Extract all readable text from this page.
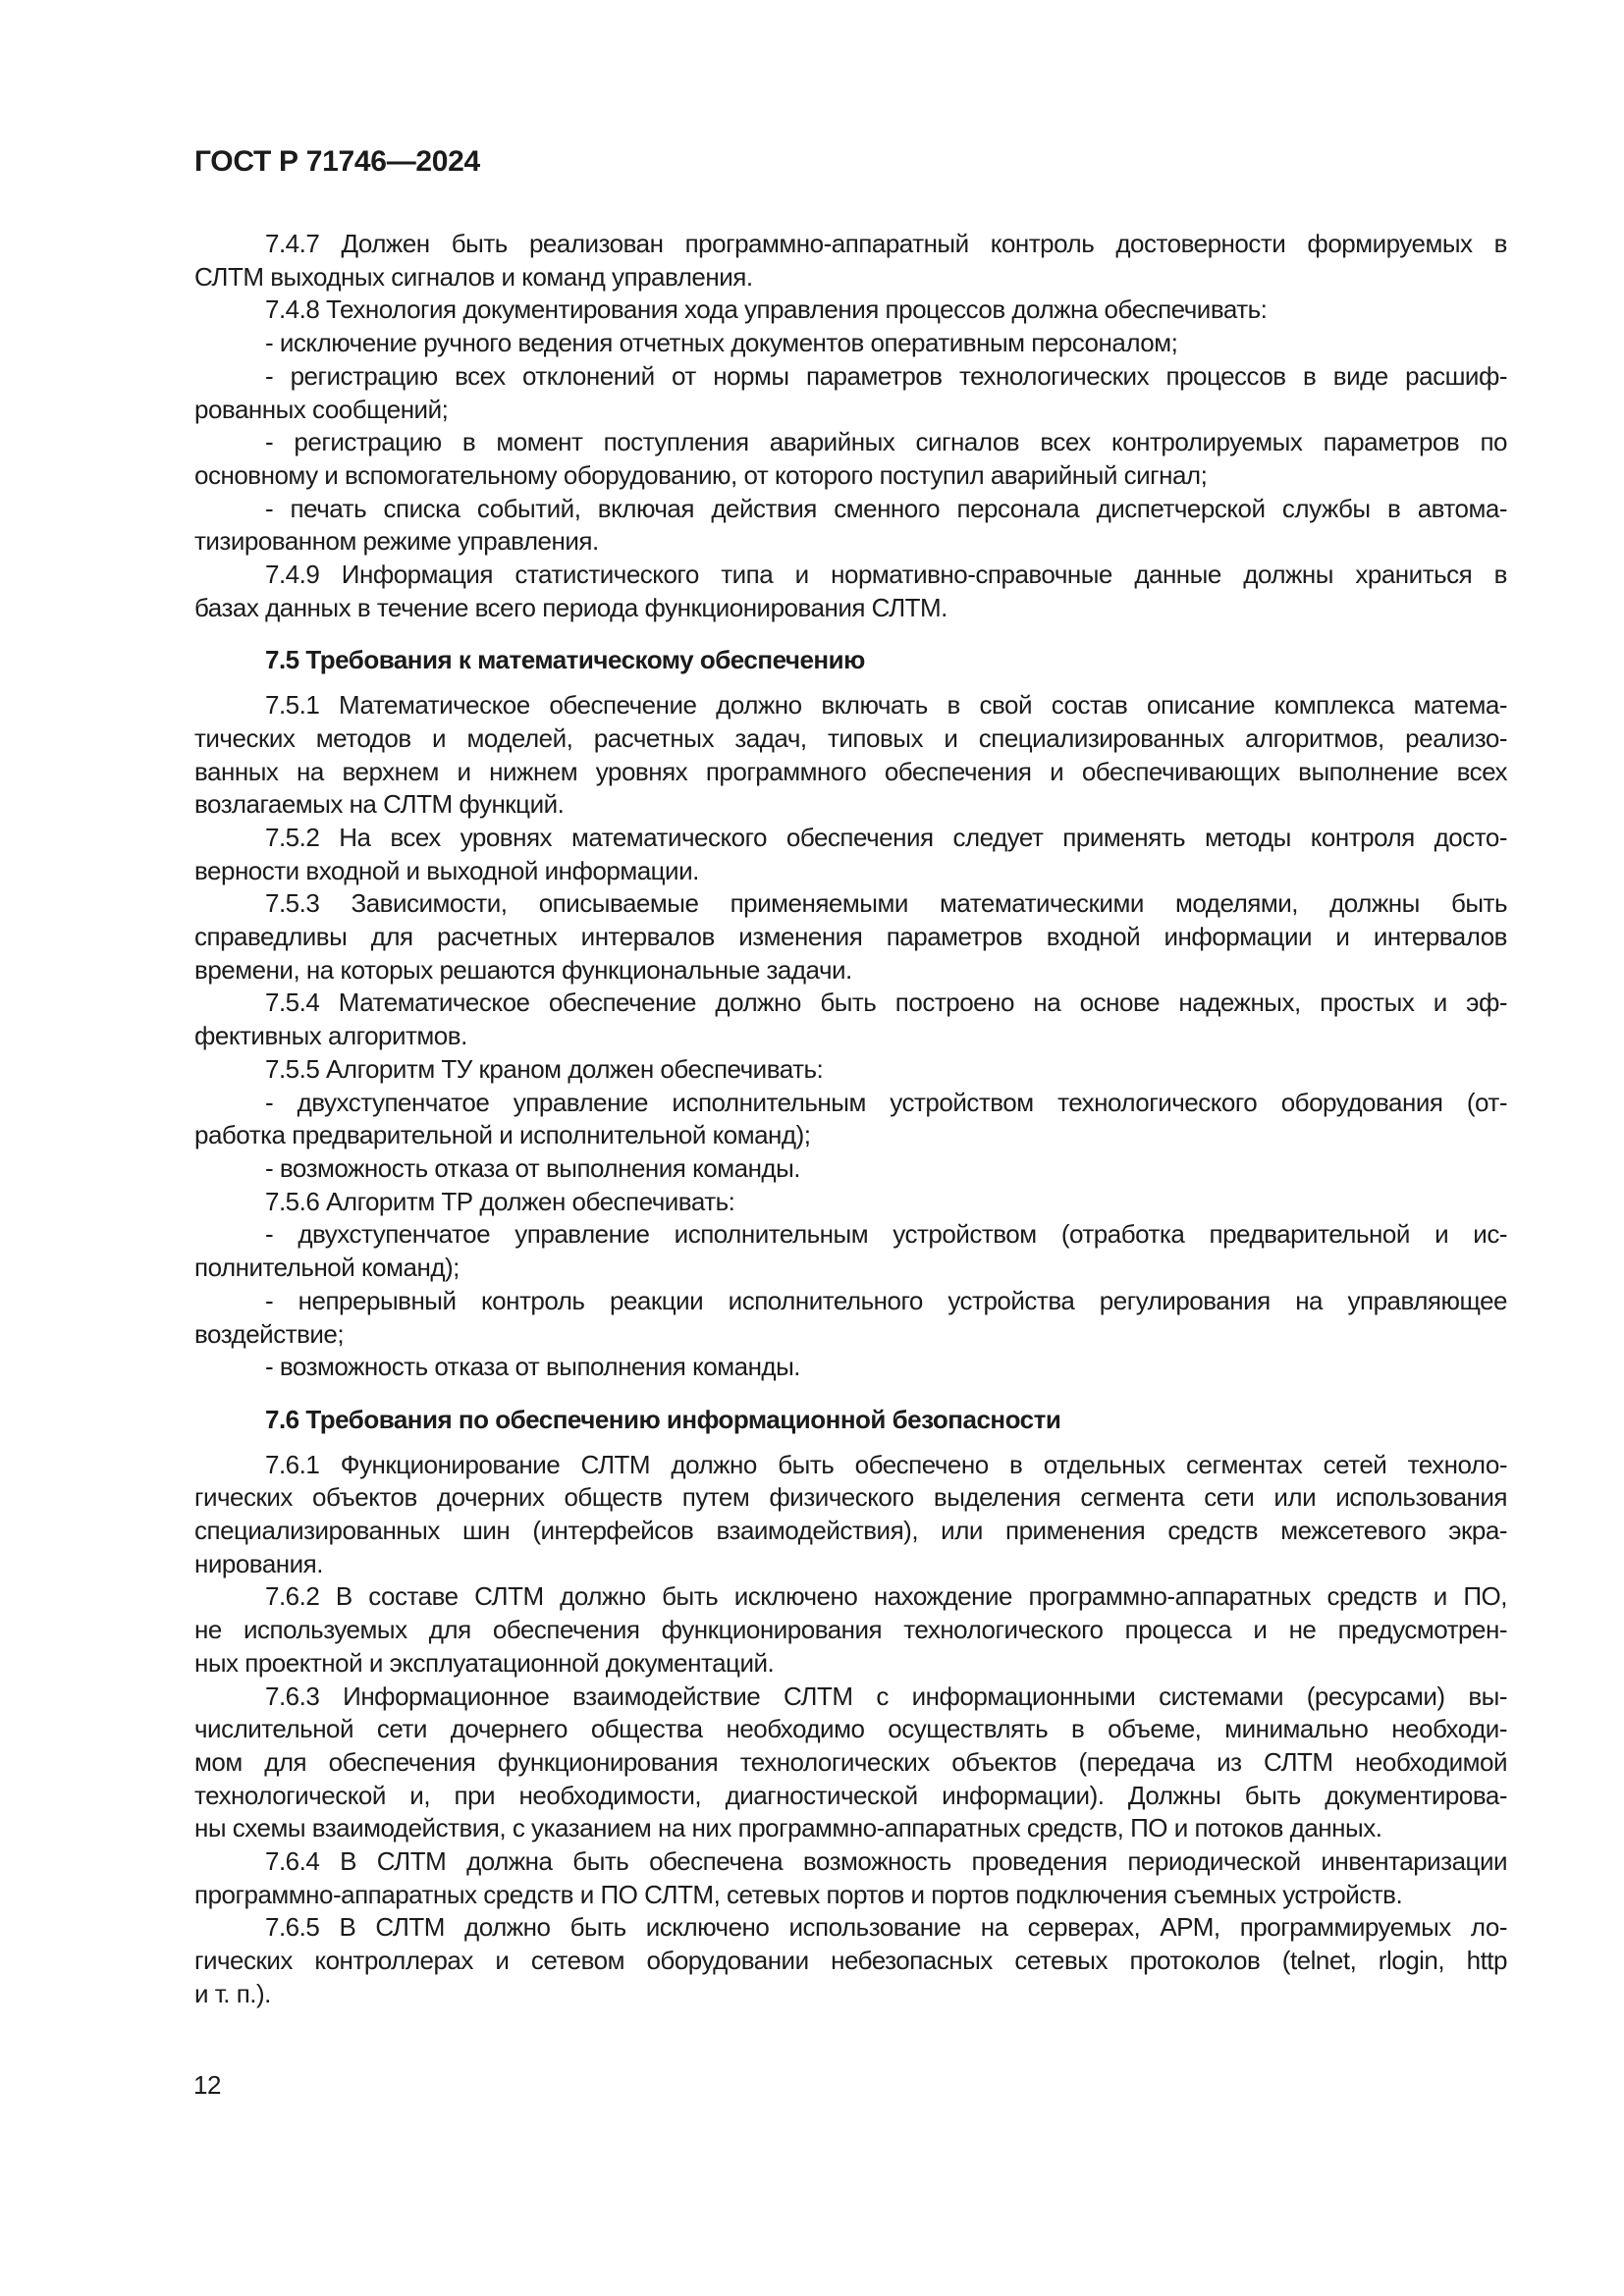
ГОСТ Р 71746—2024
7.4.7 Должен быть реализован программно-аппаратный контроль достоверности формируемых в
СЛТМ выходных сигналов и команд управления.
7.4.8 Технология документирования хода управления процессов должна обеспечивать:
- исключение ручного ведения отчетных документов оперативным персоналом;
- регистрацию всех отклонений от нормы параметров технологических процессов в виде расшиф-
рованных сообщений;
- регистрацию в момент поступления аварийных сигналов всех контролируемых параметров по
основному и вспомогательному оборудованию, от которого поступил аварийный сигнал;
- печать списка событий, включая действия сменного персонала диспетчерской службы в автома-
тизированном режиме управления.
7.4.9 Информация статистического типа и нормативно-справочные данные должны храниться в
базах данных в течение всего периода функционирования СЛТМ.
7.5 Требования к математическому обеспечению
7.5.1 Математическое обеспечение должно включать в свой состав описание комплекса матема-
тических методов и моделей, расчетных задач, типовых и специализированных алгоритмов, реализо-
ванных на верхнем и нижнем уровнях программного обеспечения и обеспечивающих выполнение всех
возлагаемых на СЛТМ функций.
7.5.2 На всех уровнях математического обеспечения следует применять методы контроля досто-
верности входной и выходной информации.
7.5.3 Зависимости, описываемые применяемыми математическими моделями, должны быть
справедливы для расчетных интервалов изменения параметров входной информации и интервалов
времени, на которых решаются функциональные задачи.
7.5.4 Математическое обеспечение должно быть построено на основе надежных, простых и эф-
фективных алгоритмов.
7.5.5 Алгоритм ТУ краном должен обеспечивать:
- двухступенчатое управление исполнительным устройством технологического оборудования (от-
работка предварительной и исполнительной команд);
- возможность отказа от выполнения команды.
7.5.6 Алгоритм ТР должен обеспечивать:
- двухступенчатое управление исполнительным устройством (отработка предварительной и ис-
полнительной команд);
- непрерывный контроль реакции исполнительного устройства регулирования на управляющее
воздействие;
- возможность отказа от выполнения команды.
7.6 Требования по обеспечению информационной безопасности
7.6.1 Функционирование СЛТМ должно быть обеспечено в отдельных сегментах сетей техноло-
гических объектов дочерних обществ путем физического выделения сегмента сети или использования
специализированных шин (интерфейсов взаимодействия), или применения средств межсетевого экра-
нирования.
7.6.2 В составе СЛТМ должно быть исключено нахождение программно-аппаратных средств и ПО,
не используемых для обеспечения функционирования технологического процесса и не предусмотрен-
ных проектной и эксплуатационной документаций.
7.6.3 Информационное взаимодействие СЛТМ с информационными системами (ресурсами) вы-
числительной сети дочернего общества необходимо осуществлять в объеме, минимально необходи-
мом для обеспечения функционирования технологических объектов (передача из СЛТМ необходимой
технологической и, при необходимости, диагностической информации). Должны быть документирова-
ны схемы взаимодействия, с указанием на них программно-аппаратных средств, ПО и потоков данных.
7.6.4 В СЛТМ должна быть обеспечена возможность проведения периодической инвентаризации
программно-аппаратных средств и ПО СЛТМ, сетевых портов и портов подключения съемных устройств.
7.6.5 В СЛТМ должно быть исключено использование на серверах, АРМ, программируемых ло-
гических контроллерах и сетевом оборудовании небезопасных сетевых протоколов (telnet, rlogin, http
и т. п.).
12
